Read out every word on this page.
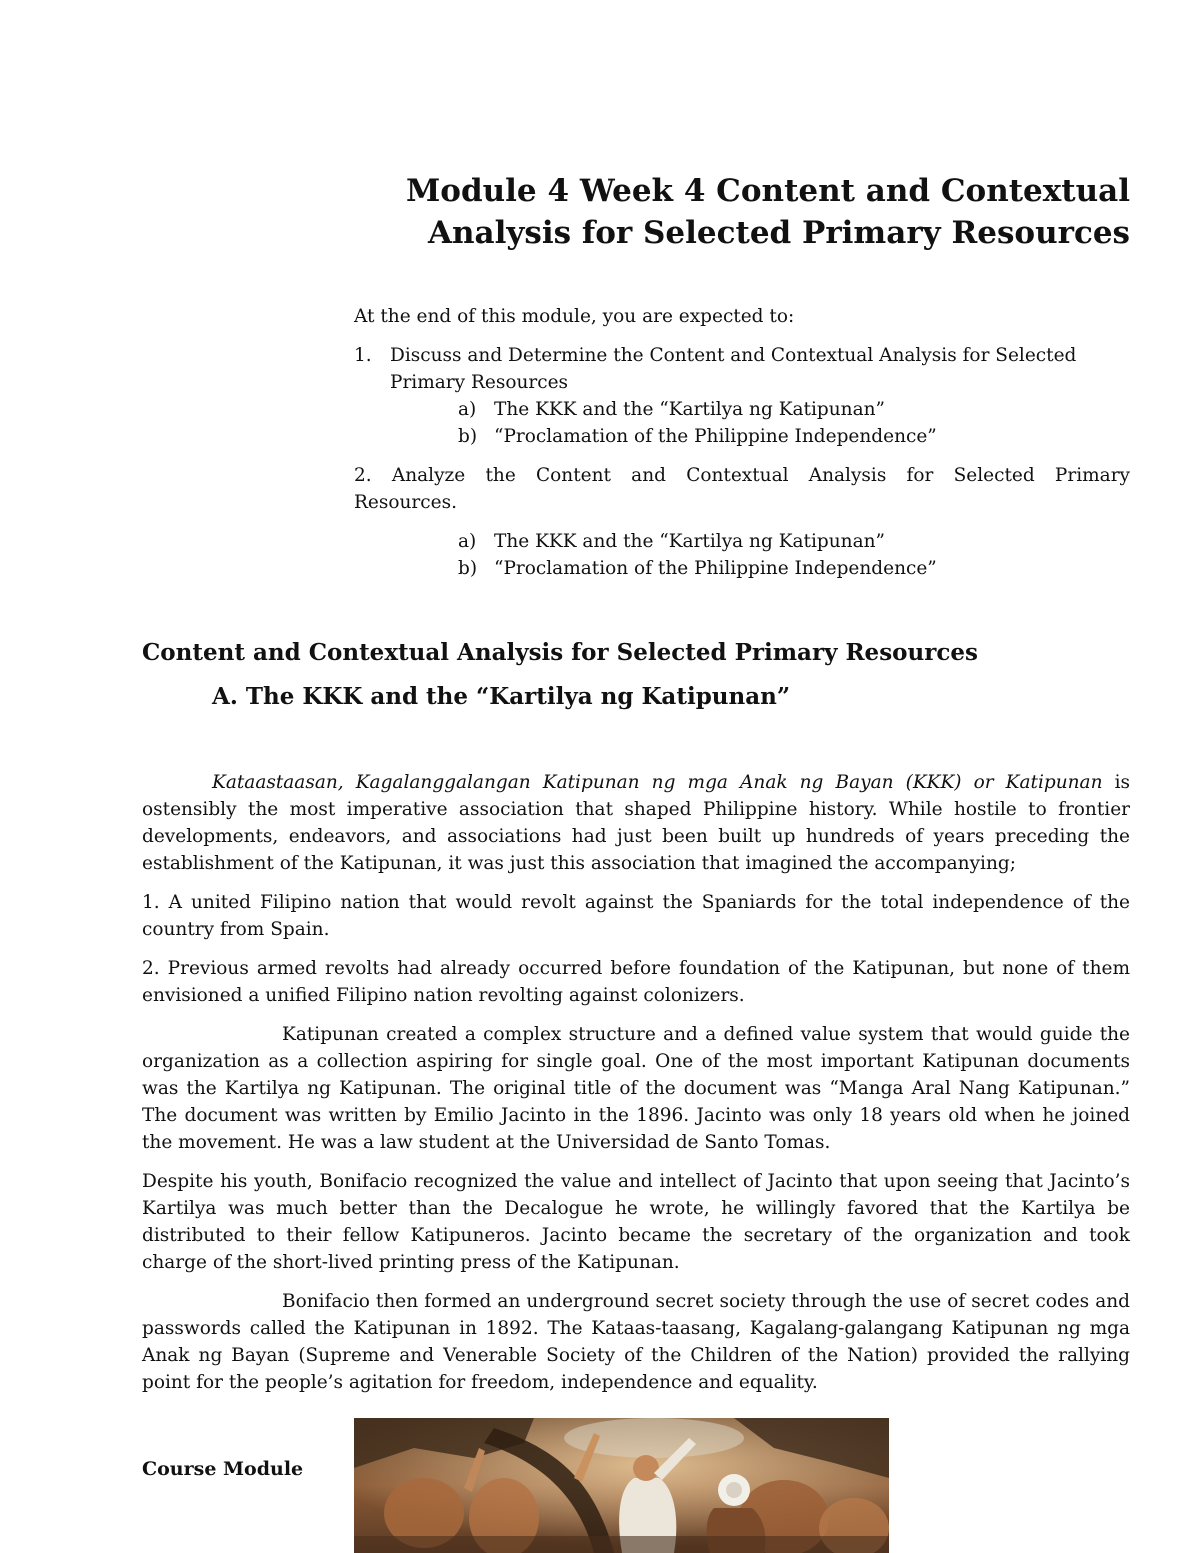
Module 4 Week 4 Content and Contextual
Analysis for Selected Primary Resources

At the end of this module, you are expected to:

1. Discuss and Determine the Content and Contextual Analysis for Selected
Primary Resources
a) The KKK and the “Kartilya ng Katipunan”
b) “Proclamation of the Philippine Independence”

2. Analyze the Content and Contextual Analysis for Selected Primary

Resources.

a) The KKK and the “Kartilya ng Katipunan”
b) “Proclamation of the Philippine Independence”
Content and Contextual Analysis for Selected Primary Resources
A. The KKK and the “Kartilya ng Katipunan”

Kataastaasan, Kagalanggalangan Katipunan ng mga Anak ng Bayan (KKK) or Katipunan is ostensibly the most imperative association that shaped Philippine history. While hostile to frontier developments, endeavors, and associations had just been built up hundreds of years preceding the establishment of the Katipunan, it was just this association that imagined the accompanying;

1. A united Filipino nation that would revolt against the Spaniards for the total independence of the country from Spain.

2. Previous armed revolts had already occurred before foundation of the Katipunan, but none of them envisioned a unified Filipino nation revolting against colonizers.

Katipunan created a complex structure and a defined value system that would guide the organization as a collection aspiring for single goal. One of the most important Katipunan documents was the Kartilya ng Katipunan. The original title of the document was “Manga Aral Nang Katipunan.” The document was written by Emilio Jacinto in the 1896. Jacinto was only 18 years old when he joined the movement. He was a law student at the Universidad de Santo Tomas.

Despite his youth, Bonifacio recognized the value and intellect of Jacinto that upon seeing that Jacinto’s Kartilya was much better than the Decalogue he wrote, he willingly favored that the Kartilya be distributed to their fellow Katipuneros. Jacinto became the secretary of the organization and took charge of the short-lived printing press of the Katipunan.

Bonifacio then formed an underground secret society through the use of secret codes and passwords called the Katipunan in 1892. The Kataas-taasang, Kagalang-galangang Katipunan ng mga Anak ng Bayan (Supreme and Venerable Society of the Children of the Nation) provided the rallying point for the people’s agitation for freedom, independence and equality.

Course Module
